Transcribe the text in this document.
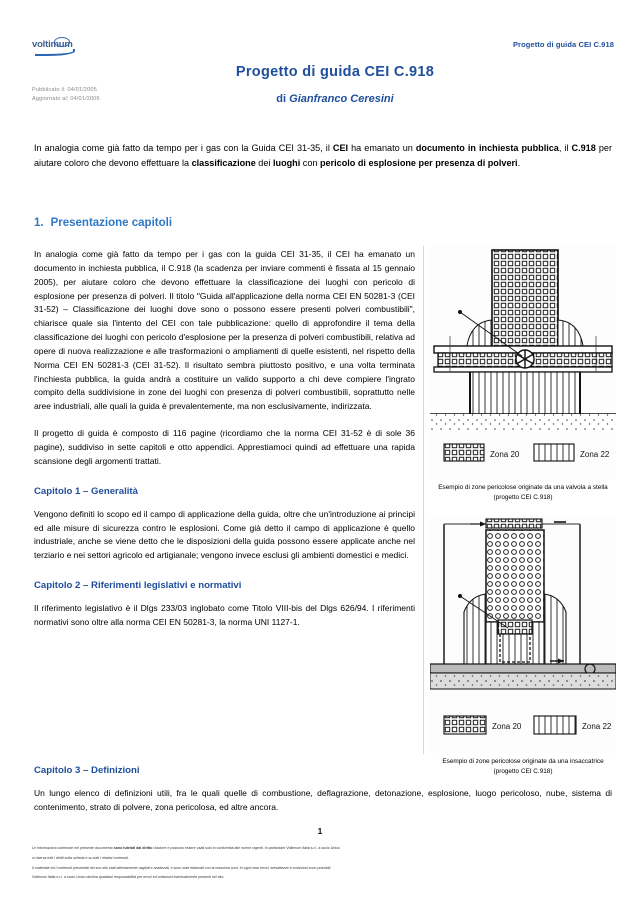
Progetto di guida CEI C.918
voltimum
Progetto di guida CEI C.918
di Gianfranco Ceresini
Pubblicato il: 04/01/2005
Aggiornato al: 04/01/2005
In analogia come già fatto da tempo per i gas con la Guida CEI 31-35, il CEI ha emanato un documento in inchiesta pubblica, il C.918 per aiutare coloro che devono effettuare la classificazione dei luoghi con pericolo di esplosione per presenza di polveri.
1. Presentazione capitoli

In analogia come già fatto da tempo per i gas con la guida CEI 31-35, il CEI ha emanato un documento in inchiesta pubblica, il C.918 (la scadenza per inviare commenti è fissata al 15 gennaio 2005), per aiutare coloro che devono effettuare la classificazione dei luoghi con pericolo di esplosione per presenza di polveri. Il titolo "Guida all'applicazione della norma CEI EN 50281-3 (CEI 31-52) – Classificazione dei luoghi dove sono o possono essere presenti polveri combustibili", chiarisce quale sia l'intento del CEI con tale pubblicazione: quello di approfondire il tema della classificazione dei luoghi con pericolo d'esplosione per la presenza di polveri combustibili, relativa ad opere di nuova realizzazione e alle trasformazioni o ampliamenti di quelle esistenti, nel rispetto della Norma CEI EN 50281-3 (CEI 31-52). Il risultato sembra piuttosto positivo, e una volta terminata l'inchiesta pubblica, la guida andrà a costituire un valido supporto a chi deve compiere l'ingrato compito della suddivisione in zone dei luoghi con presenza di polveri combustibili, soprattutto nelle aree industriali, alle quali la guida è prevalentemente, ma non esclusivamente, indirizzata.

Il progetto di guida è composto di 116 pagine (ricordiamo che la norma CEI 31-52 è di sole 36 pagine), suddiviso in sette capitoli e otto appendici. Apprestiamoci quindi ad effettuare una rapida scansione degli argomenti trattati.

Capitolo 1 – Generalità

Vengono definiti lo scopo ed il campo di applicazione della guida, oltre che un'introduzione ai principi ed alle misure di sicurezza contro le esplosioni. Come già detto il campo di applicazione è quello industriale, anche se viene detto che le disposizioni della guida possono essere applicate anche nel terziario e nei settori agricolo ed artigianale; vengono invece esclusi gli ambienti domestici e medici.

Capitolo 2 – Riferimenti legislativi e normativi

Il riferimento legislativo è il Dlgs 233/03 inglobato come Titolo VIII-bis del Dlgs 626/94. I riferimenti normativi sono oltre alla norma CEI EN 50281-3, la norma UNI 1127-1.

Capitolo 3 – Definizioni

Un lungo elenco di definizioni utili, fra le quali quelle di combustione, deflagrazione, detonazione, esplosione, luogo pericoloso, nube, sistema di contenimento, strato di polvere, zona pericolosa, ed altre ancora.

Zona 20	Zona 22
Esempio di zone pericolose originate da una valvola a stella (progetto CEI C.918)
Zona 20	Zona 22
Esempio di zone pericolose originate da una insaccatrice (progetto CEI C.918)
1

Le informazioni contenute nel presente documento sono tutelati dal diritto d'autore e possono essere usati solo in conformità alle norme vigenti. In particolare Voltimum Italia s.r.l. a socio Unico

si riserva tutti i diritti sulla scheda e su tutti i relativi contenuti.

Il materiale ed i contenuti presentati nel suo sito stati attentamente vagliati e analizzati, e sono stati elaborati con la massima cura. In ogni caso errori, inesattezze e omissioni sono possibili.

Voltimum Italia s.r.l. a socio Unico declina qualsiasi responsabilità per errori ed omissioni eventualmente presenti nel sito.
